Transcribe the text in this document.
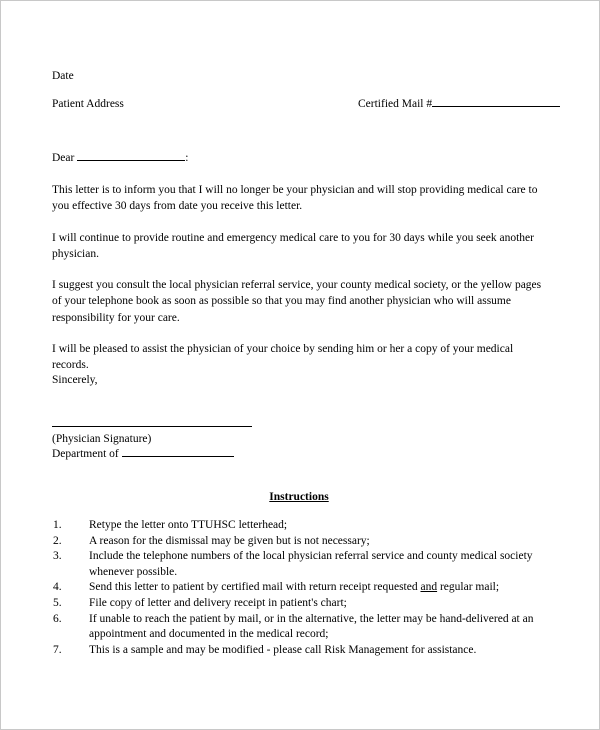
Date
Patient Address	Certified Mail #
Dear	:

This letter is to inform you that I will no longer be your physician and will stop providing medical care to you effective 30 days from date you receive this letter.

I will continue to provide routine and emergency medical care to you for 30 days while you seek another physician.

I suggest you consult the local physician referral service, your county medical society, or the yellow pages of your telephone book as soon as possible so that you may find another physician who will assume responsibility for your care.

I will be pleased to assist the physician of your choice by sending him or her a copy of your medical records.

Sincerely,
(Physician Signature)
Department of
Instructions
1.	Retype the letter onto TTUHSC letterhead;
2.	A reason for the dismissal may be given but is not necessary;
3.	Include the telephone numbers of the local physician referral service and county medical society whenever possible.
4.	Send this letter to patient by certified mail with return receipt requested and regular mail;
5.	File copy of letter and delivery receipt in patient's chart;
6.	If unable to reach the patient by mail, or in the alternative, the letter may be hand-delivered at an appointment and documented in the medical record;
7.	This is a sample and may be modified - please call Risk Management for assistance.
